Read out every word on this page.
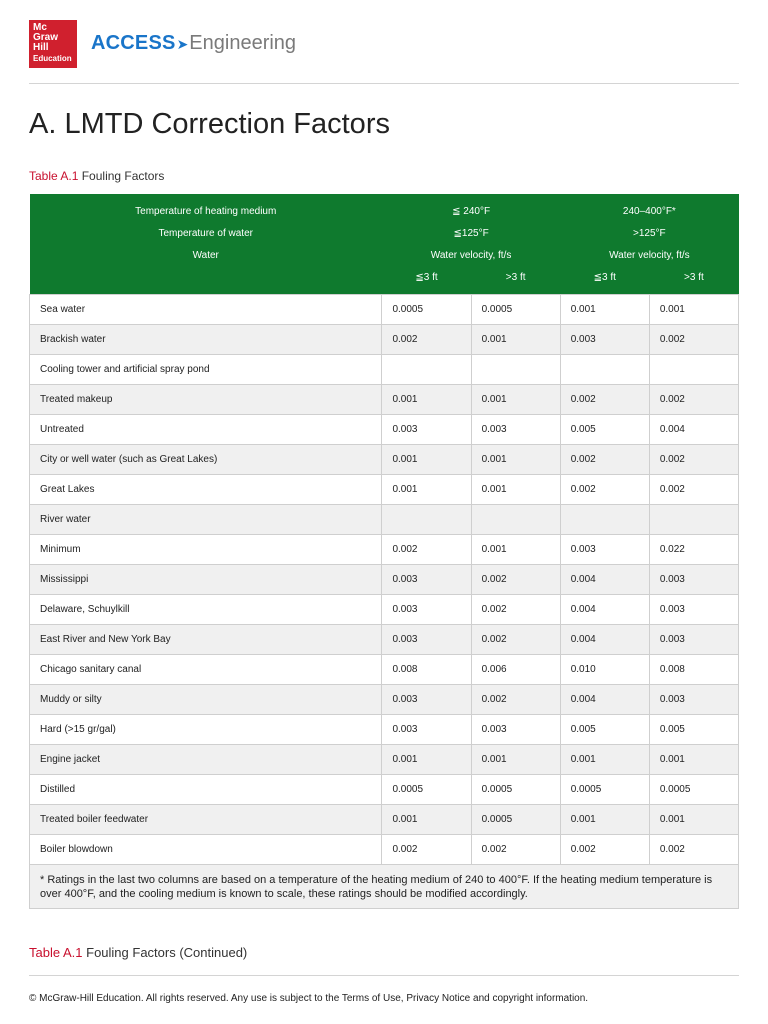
Mc
Graw
Hill
Education
ACCESS➤Engineering
A. LMTD Correction Factors
Table A.1 Fouling Factors
Temperature of heating medium	≦ 240°F		240–400°F*	
Temperature of water	≦125°F		>125°F	
Water	Water velocity, ft/s		Water velocity, ft/s	
	≦3 ft	>3 ft	≦3 ft	>3 ft
Sea water	0.0005	0.0005	0.001	0.001
Brackish water	0.002	0.001	0.003	0.002
Cooling tower and artificial spray pond				
Treated makeup	0.001	0.001	0.002	0.002
Untreated	0.003	0.003	0.005	0.004
City or well water (such as Great Lakes)	0.001	0.001	0.002	0.002
Great Lakes	0.001	0.001	0.002	0.002
River water				
Minimum	0.002	0.001	0.003	0.022
Mississippi	0.003	0.002	0.004	0.003
Delaware, Schuylkill	0.003	0.002	0.004	0.003
East River and New York Bay	0.003	0.002	0.004	0.003
Chicago sanitary canal	0.008	0.006	0.010	0.008
Muddy or silty	0.003	0.002	0.004	0.003
Hard (>15 gr/gal)	0.003	0.003	0.005	0.005
Engine jacket	0.001	0.001	0.001	0.001
Distilled	0.0005	0.0005	0.0005	0.0005
Treated boiler feedwater	0.001	0.0005	0.001	0.001
Boiler blowdown	0.002	0.002	0.002	0.002
* Ratings in the last two columns are based on a temperature of the heating medium of 240 to 400°F. If the heating medium temperature is over 400°F, and the cooling medium is known to scale, these ratings should be modified accordingly.				
Table A.1 Fouling Factors (Continued)
© McGraw-Hill Education. All rights reserved. Any use is subject to the Terms of Use, Privacy Notice and copyright information.
